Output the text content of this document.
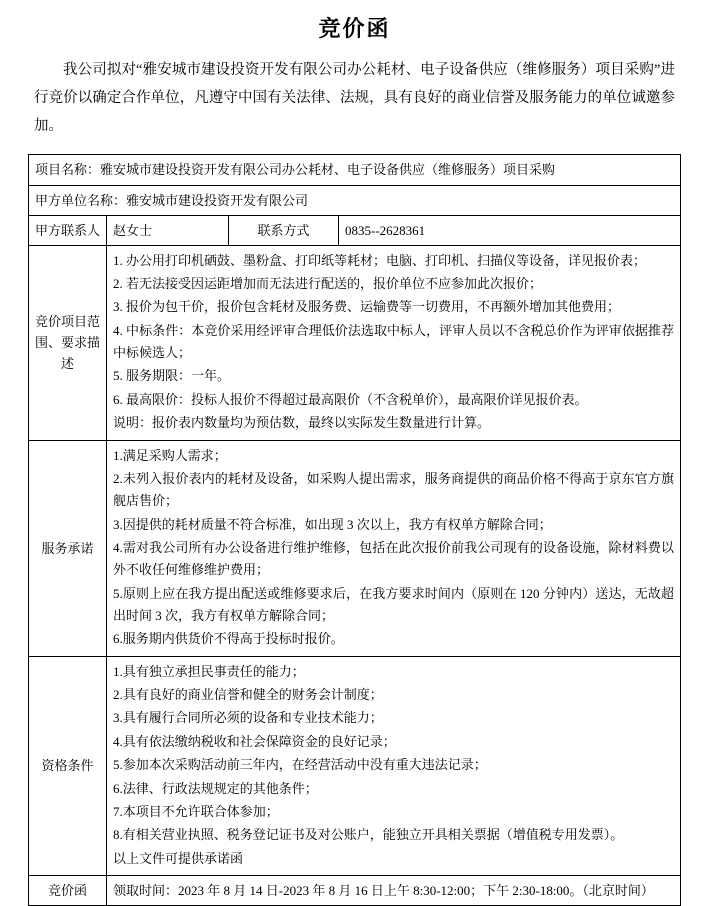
竞价函

我公司拟对“雅安城市建设投资开发有限公司办公耗材、电子设备供应（维修服务）项目采购”进行竞价以确定合作单位，凡遵守中国有关法律、法规，具有良好的商业信誉及服务能力的单位诚邀参加。

项目名称：雅安城市建设投资开发有限公司办公耗材、电子设备供应（维修服务）项目采购			
甲方单位名称：雅安城市建设投资开发有限公司			
甲方联系人	赵女士	联系方式	0835--2628361
竞价项目范围、要求描述	
1. 办公用打印机硒鼓、墨粉盒、打印纸等耗材；电脑、打印机、扫描仪等设备，详见报价表；
2. 若无法接受因运距增加而无法进行配送的，报价单位不应参加此次报价；
3. 报价为包干价，报价包含耗材及服务费、运输费等一切费用，不再额外增加其他费用；
4. 中标条件：本竞价采用经评审合理低价法选取中标人，评审人员以不含税总价作为评审依据推荐中标候选人；
5. 服务期限：一年。
6. 最高限价：投标人报价不得超过最高限价（不含税单价），最高限价详见报价表。
说明：报价表内数量均为预估数，最终以实际发生数量进行计算。

服务承诺	
1.满足采购人需求；
2.未列入报价表内的耗材及设备，如采购人提出需求，服务商提供的商品价格不得高于京东官方旗舰店售价；
3.因提供的耗材质量不符合标准，如出现 3 次以上，我方有权单方解除合同；
4.需对我公司所有办公设备进行维护维修，包括在此次报价前我公司现有的设备设施，除材料费以外不收任何维修维护费用；
5.原则上应在我方提出配送或维修要求后，在我方要求时间内（原则在 120 分钟内）送达，无故超出时间 3 次，我方有权单方解除合同；
6.服务期内供货价不得高于投标时报价。

资格条件	
1.具有独立承担民事责任的能力；
2.具有良好的商业信誉和健全的财务会计制度；
3.具有履行合同所必须的设备和专业技术能力；
4.具有依法缴纳税收和社会保障资金的良好记录；
5.参加本次采购活动前三年内，在经营活动中没有重大违法记录；
6.法律、行政法规规定的其他条件；
7.本项目不允许联合体参加；
8.有相关营业执照、税务登记证书及对公账户，能独立开具相关票据（增值税专用发票）。
以上文件可提供承诺函

竞价函	领取时间：2023 年 8 月 14 日-2023 年 8 月 16 日上午 8:30-12:00；下午 2:30-18:00。（北京时间）		
